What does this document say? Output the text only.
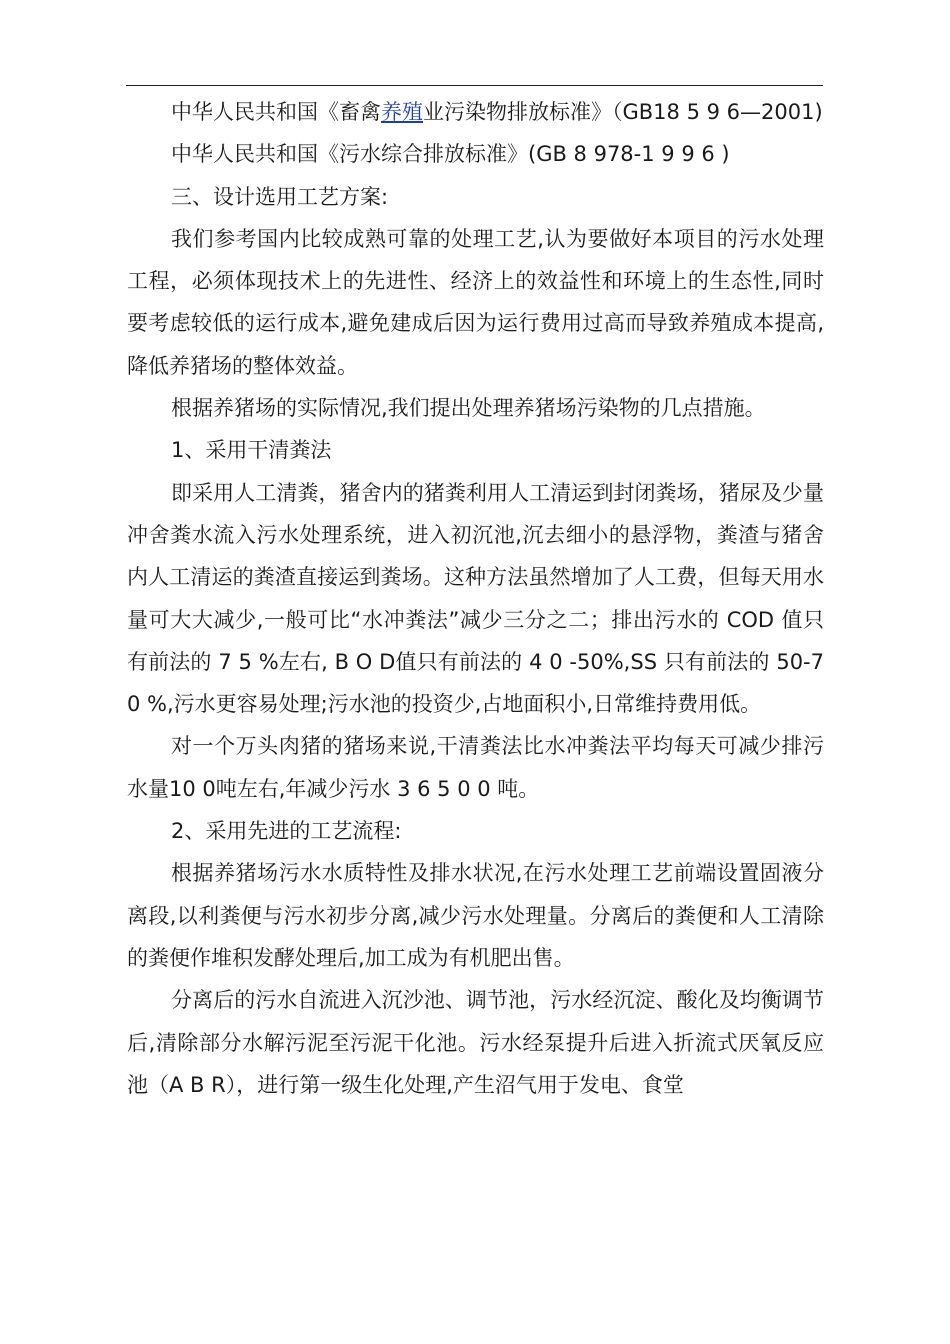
中华人民共和国《畜禽养殖业污染物排放标准》（GB18 5 9 6—2001)

中华人民共和国《污水综合排放标准》(GB 8 978-1 9 9 6 )

三、设计选用工艺方案:

我们参考国内比较成熟可靠的处理工艺,认为要做好本项目的污水处理工程，必须体现技术上的先进性、经济上的效益性和环境上的生态性,同时要考虑较低的运行成本,避免建成后因为运行费用过高而导致养殖成本提高,降低养猪场的整体效益。

根据养猪场的实际情况,我们提出处理养猪场污染物的几点措施。

1、采用干清粪法

即采用人工清粪，猪舍内的猪粪利用人工清运到封闭粪场，猪尿及少量冲舍粪水流入污水处理系统，进入初沉池,沉去细小的悬浮物，粪渣与猪舍内人工清运的粪渣直接运到粪场。这种方法虽然增加了人工费，但每天用水量可大大减少,一般可比“水冲粪法”减少三分之二；排出污水的 COD 值只有前法的 7 5 %左右, B O D值只有前法的 4 0 -50%,SS 只有前法的 50-7 0 %,污水更容易处理;污水池的投资少,占地面积小,日常维持费用低。

对一个万头肉猪的猪场来说,干清粪法比水冲粪法平均每天可减少排污水量10 0吨左右,年减少污水 3 6 5 0 0 吨。

2、采用先进的工艺流程:

根据养猪场污水水质特性及排水状况,在污水处理工艺前端设置固液分离段,以利粪便与污水初步分离,减少污水处理量。分离后的粪便和人工清除的粪便作堆积发酵处理后,加工成为有机肥出售。

分离后的污水自流进入沉沙池、调节池，污水经沉淀、酸化及均衡调节后,清除部分水解污泥至污泥干化池。污水经泵提升后进入折流式厌氧反应池（A B R），进行第一级生化处理,产生沼气用于发电、食堂
